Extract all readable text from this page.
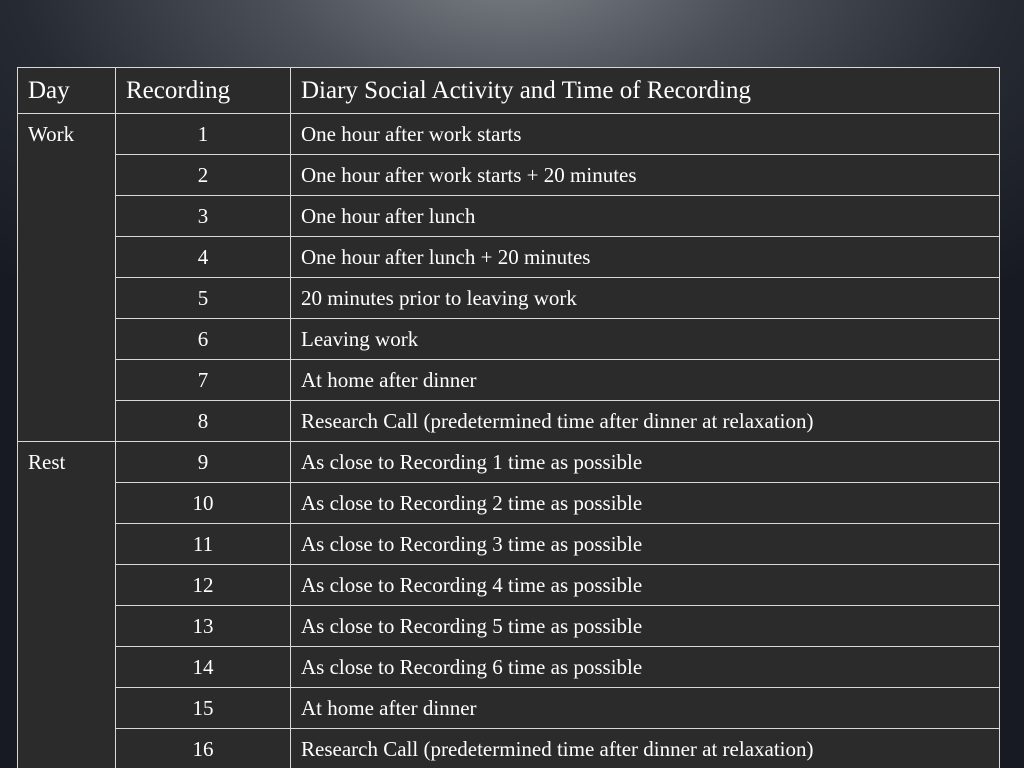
Day	Recording	Diary Social Activity and Time of Recording
Work	1	One hour after work starts
	2	One hour after work starts + 20 minutes
	3	One hour after lunch
	4	One hour after lunch + 20 minutes
	5	20 minutes prior to leaving work
	6	Leaving work
	7	At home after dinner
	8	Research Call (predetermined time after dinner at relaxation)
Rest	9	As close to Recording 1 time as possible
	10	As close to Recording 2 time as possible
	11	As close to Recording 3 time as possible
	12	As close to Recording 4 time as possible
	13	As close to Recording 5 time as possible
	14	As close to Recording 6 time as possible
	15	At home after dinner
	16	Research Call (predetermined time after dinner at relaxation)
